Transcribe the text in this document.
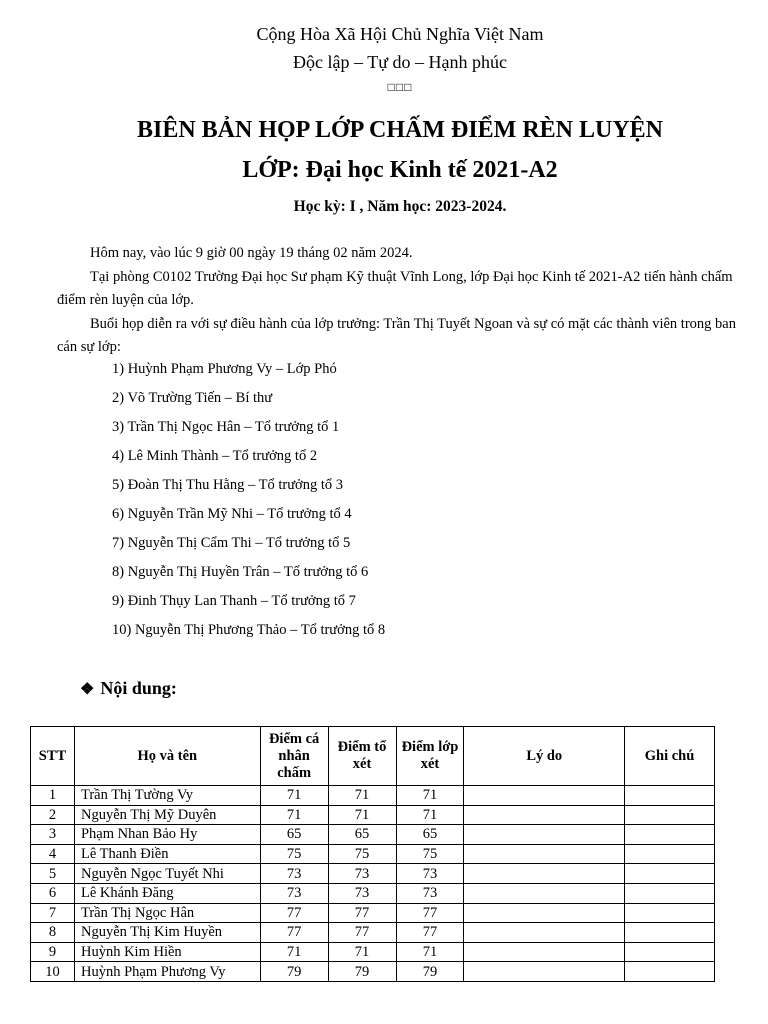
Cộng Hòa Xã Hội Chủ Nghĩa Việt Nam
Độc lập – Tự do – Hạnh phúc
□□□
BIÊN BẢN HỌP LỚP CHẤM ĐIỂM RÈN LUYỆN
LỚP: Đại học Kinh tế 2021-A2
Học kỳ: I , Năm học: 2023-2024.

Hôm nay, vào lúc 9 giờ 00 ngày 19 tháng 02 năm 2024.

Tại phòng C0102 Trường Đại học Sư phạm Kỹ thuật Vĩnh Long, lớp Đại học Kinh tế 2021-A2 tiến hành chấm điểm rèn luyện của lớp.

Buổi họp diễn ra với sự điều hành của lớp trưởng: Trần Thị Tuyết Ngoan và sự có mặt các thành viên trong ban cán sự lớp:

1) Huỳnh Phạm Phương Vy – Lớp Phó
2) Võ Trường Tiến – Bí thư
3) Trần Thị Ngọc Hân – Tổ trưởng tổ 1
4) Lê Minh Thành – Tổ trưởng tổ 2
5) Đoàn Thị Thu Hằng – Tổ trưởng tổ 3
6) Nguyễn Trần Mỹ Nhi – Tổ trưởng tổ 4
7) Nguyễn Thị Cẩm Thi – Tổ trưởng tổ 5
8) Nguyễn Thị Huyền Trân – Tổ trưởng tổ 6
9) Đinh Thụy Lan Thanh – Tổ trưởng tổ 7
10) Nguyễn Thị Phương Thảo – Tổ trưởng tổ 8
❖ Nội dung:
STT	Họ và tên	Điểm cá nhân chấm	Điểm tổ xét	Điểm lớp xét	Lý do	Ghi chú
1	Trần Thị Tường Vy	71	71	71		
2	Nguyễn Thị Mỹ Duyên	71	71	71		
3	Phạm Nhan Bảo Hy	65	65	65		
4	Lê Thanh Điền	75	75	75		
5	Nguyễn Ngọc Tuyết Nhi	73	73	73		
6	Lê Khánh Đăng	73	73	73		
7	Trần Thị Ngọc Hân	77	77	77		
8	Nguyễn Thị Kim Huyền	77	77	77		
9	Huỳnh Kim Hiền	71	71	71		
10	Huỳnh Phạm Phương Vy	79	79	79		
